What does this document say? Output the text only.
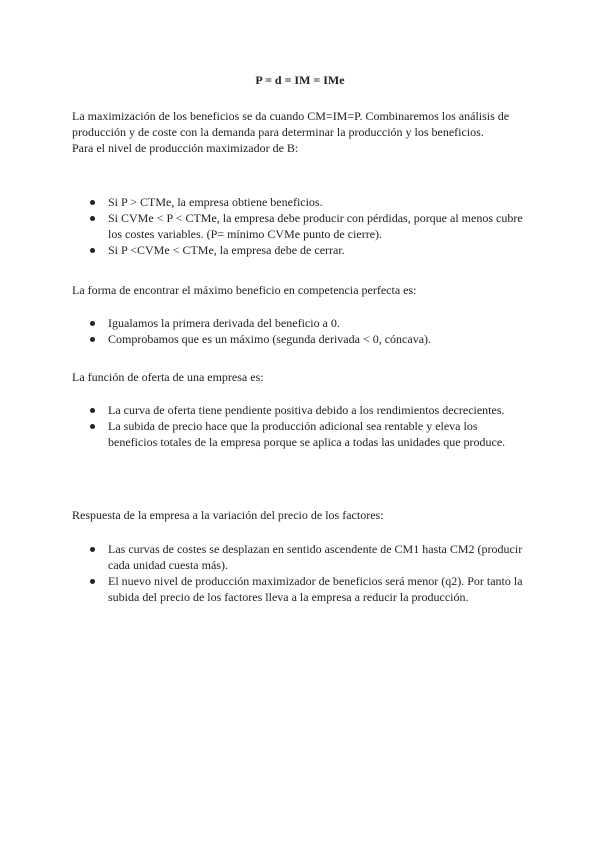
P = d = IM = IMe

La maximización de los beneficios se da cuando CM=IM=P. Combinaremos los análisis de producción y de coste con la demanda para determinar la producción y los beneficios.

Para el nivel de producción maximizador de B:

Si P > CTMe, la empresa obtiene beneficios.
Si CVMe < P < CTMe, la empresa debe producir con pérdidas, porque al menos cubre los costes variables. (P= mínimo CVMe punto de cierre).
Si P <CVMe < CTMe, la empresa debe de cerrar.
La forma de encontrar el máximo beneficio en competencia perfecta es:
Igualamos la primera derivada del beneficio a 0.
Comprobamos que es un máximo (segunda derivada < 0, cóncava).
La función de oferta de una empresa es:
La curva de oferta tiene pendiente positiva debido a los rendimientos decrecientes.
La subida de precio hace que la producción adicional sea rentable y eleva los beneficios totales de la empresa porque se aplica a todas las unidades que produce.
Respuesta de la empresa a la variación del precio de los factores:
Las curvas de costes se desplazan en sentido ascendente de CM1 hasta CM2 (producir cada unidad cuesta más).
El nuevo nivel de producción maximizador de beneficios será menor (q2). Por tanto la subida del precio de los factores lleva a la empresa a reducir la producción.
